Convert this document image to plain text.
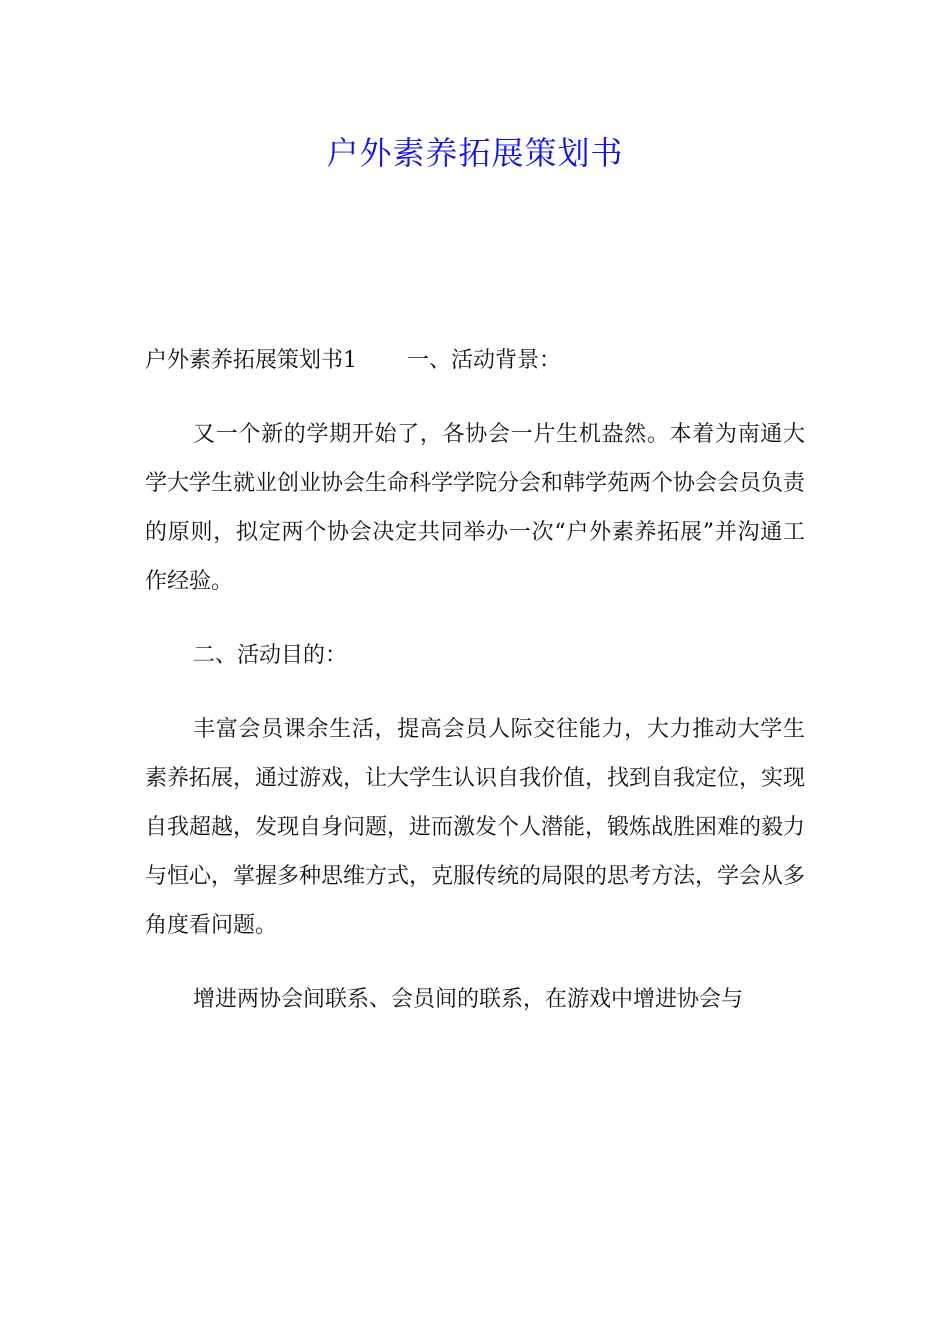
户外素养拓展策划书

户外素养拓展策划书1 一、活动背景：

又一个新的学期开始了，各协会一片生机盎然。本着为南通大学大学生就业创业协会生命科学学院分会和韩学苑两个协会会员负责的原则，拟定两个协会决定共同举办一次“户外素养拓展”并沟通工作经验。

二、活动目的：

丰富会员课余生活，提高会员人际交往能力，大力推动大学生素养拓展，通过游戏，让大学生认识自我价值，找到自我定位，实现自我超越，发现自身问题，进而激发个人潜能，锻炼战胜困难的毅力与恒心，掌握多种思维方式，克服传统的局限的思考方法，学会从多角度看问题。

增进两协会间联系、会员间的联系，在游戏中增进协会与
